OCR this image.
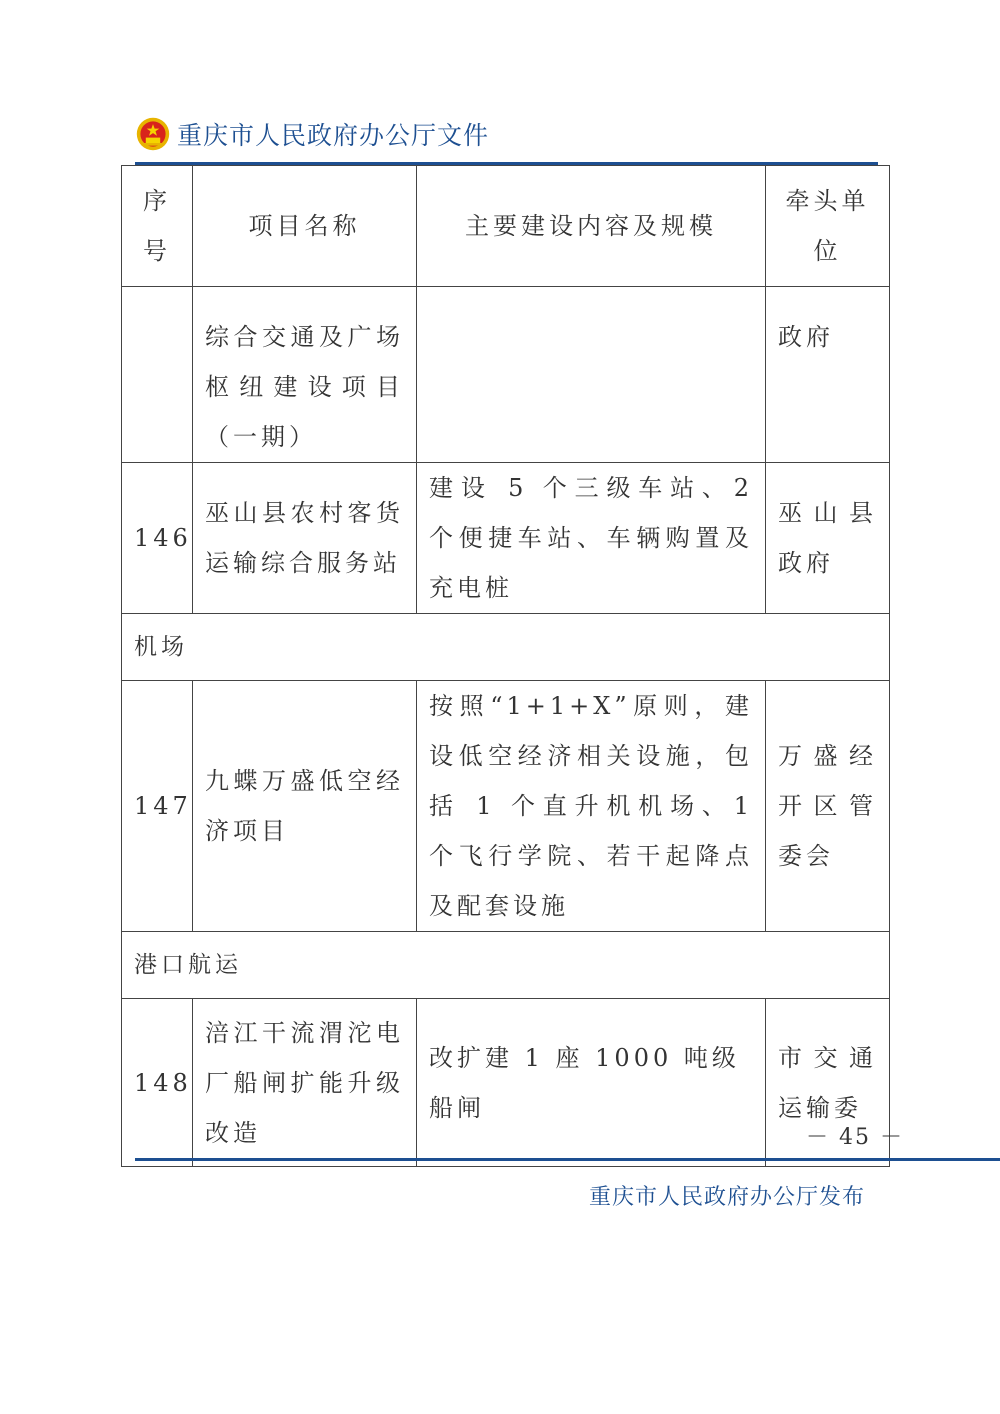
重庆市人民政府办公厅文件
序号	项目名称	主要建设内容及规模	牵头单位
	综合交通及广场枢纽建设项目（一期）		政府
146	巫山县农村客货运输综合服务站	建设 5 个三级车站、2 个便捷车站、车辆购置及充电桩	巫山县政府
机场			
147	九蝶万盛低空经济项目	按照“1+1+X”原则，建设低空经济相关设施，包括 1 个直升机机场、1 个飞行学院、若干起降点及配套设施	万盛经开区管委会
港口航运			
148	涪江干流渭沱电厂船闸扩能升级改造	改扩建 1 座 1000 吨级船闸	市交通运输委
－ 45 －
重庆市人民政府办公厅发布
